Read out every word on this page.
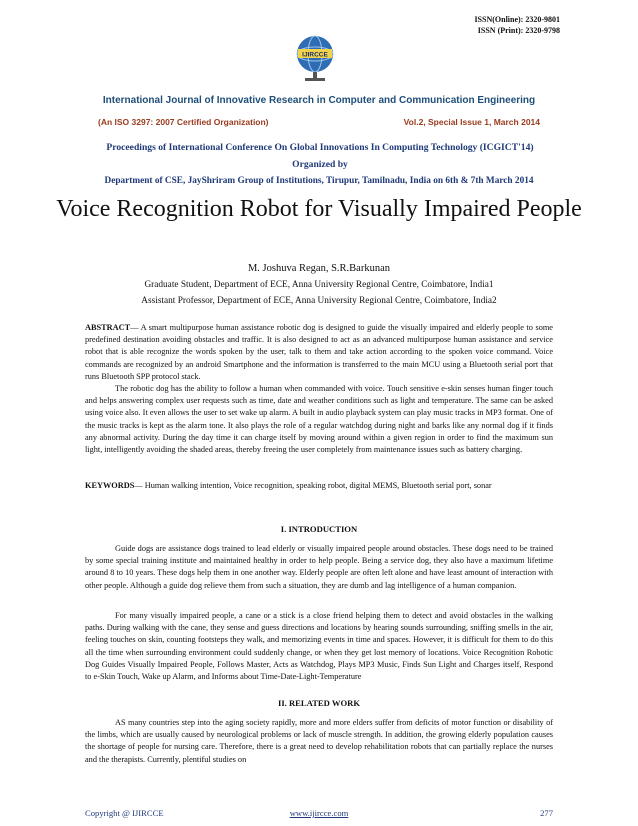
ISSN(Online): 2320-9801
ISSN (Print): 2320-9798
IJIRCCE
International Journal of Innovative Research in Computer and Communication Engineering
(An ISO 3297: 2007 Certified Organization)	Vol.2, Special Issue 1, March 2014
Proceedings of International Conference On Global Innovations In Computing Technology (ICGICT'14)
Organized by
Department of CSE, JayShriram Group of Institutions, Tirupur, Tamilnadu, India on 6th & 7th March 2014
Voice Recognition Robot for Visually Impaired People
M. Joshuva Regan, S.R.Barkunan
Graduate Student, Department of ECE, Anna University Regional Centre, Coimbatore, India1
Assistant Professor, Department of ECE, Anna University Regional Centre, Coimbatore, India2
ABSTRACT— A smart multipurpose human assistance robotic dog is designed to guide the visually impaired and elderly people to some predefined destination avoiding obstacles and traffic. It is also designed to act as an advanced multipurpose human assistance and service robot that is able recognize the words spoken by the user, talk to them and take action according to the spoken voice command. Voice commands are recognized by an android Smartphone and the information is transferred to the main MCU using a Bluetooth serial port that runs Bluetooth SPP protocol stack.
The robotic dog has the ability to follow a human when commanded with voice. Touch sensitive e-skin senses human finger touch and helps answering complex user requests such as time, date and weather conditions such as light and temperature. The same can be asked using voice also. It even allows the user to set wake up alarm. A built in audio playback system can play music tracks in MP3 format. One of the music tracks is kept as the alarm tone. It also plays the role of a regular watchdog during night and barks like any normal dog if it finds any abnormal activity. During the day time it can charge itself by moving around within a given region in order to find the maximum sun light, intelligently avoiding the shaded areas, thereby freeing the user completely from maintenance issues such as battery charging.
KEYWORDS— Human walking intention, Voice recognition, speaking robot, digital MEMS, Bluetooth serial port, sonar
I. INTRODUCTION
Guide dogs are assistance dogs trained to lead elderly or visually impaired people around obstacles. These dogs need to be trained by some special training institute and maintained healthy in order to help people. Being a service dog, they also have a maximum lifetime around 8 to 10 years. These dogs help them in one another way. Elderly people are often left alone and have least amount of interaction with other people. Although a guide dog relieve them from such a situation, they are dumb and lag intelligence of a human companion.
For many visually impaired people, a cane or a stick is a close friend helping them to detect and avoid obstacles in the walking paths. During walking with the cane, they sense and guess directions and locations by hearing sounds surrounding, sniffing smells in the air, feeling touches on skin, counting footsteps they walk, and memorizing events in time and spaces. However, it is difficult for them to do this all the time when surrounding environment could suddenly change, or when they get lost memory of locations. Voice Recognition Robotic Dog Guides Visually Impaired People, Follows Master, Acts as Watchdog, Plays MP3 Music, Finds Sun Light and Charges itself, Respond to e-Skin Touch, Wake up Alarm, and Informs about Time-Date-Light-Temperature
II. RELATED WORK
AS many countries step into the aging society rapidly, more and more elders suffer from deficits of motor function or disability of the limbs, which are usually caused by neurological problems or lack of muscle strength. In addition, the growing elderly population causes the shortage of people for nursing care. Therefore, there is a great need to develop rehabilitation robots that can partially replace the nurses and the therapists. Currently, plentiful studies on
Copyright @ IJIRCCE	www.ijircce.com	277
